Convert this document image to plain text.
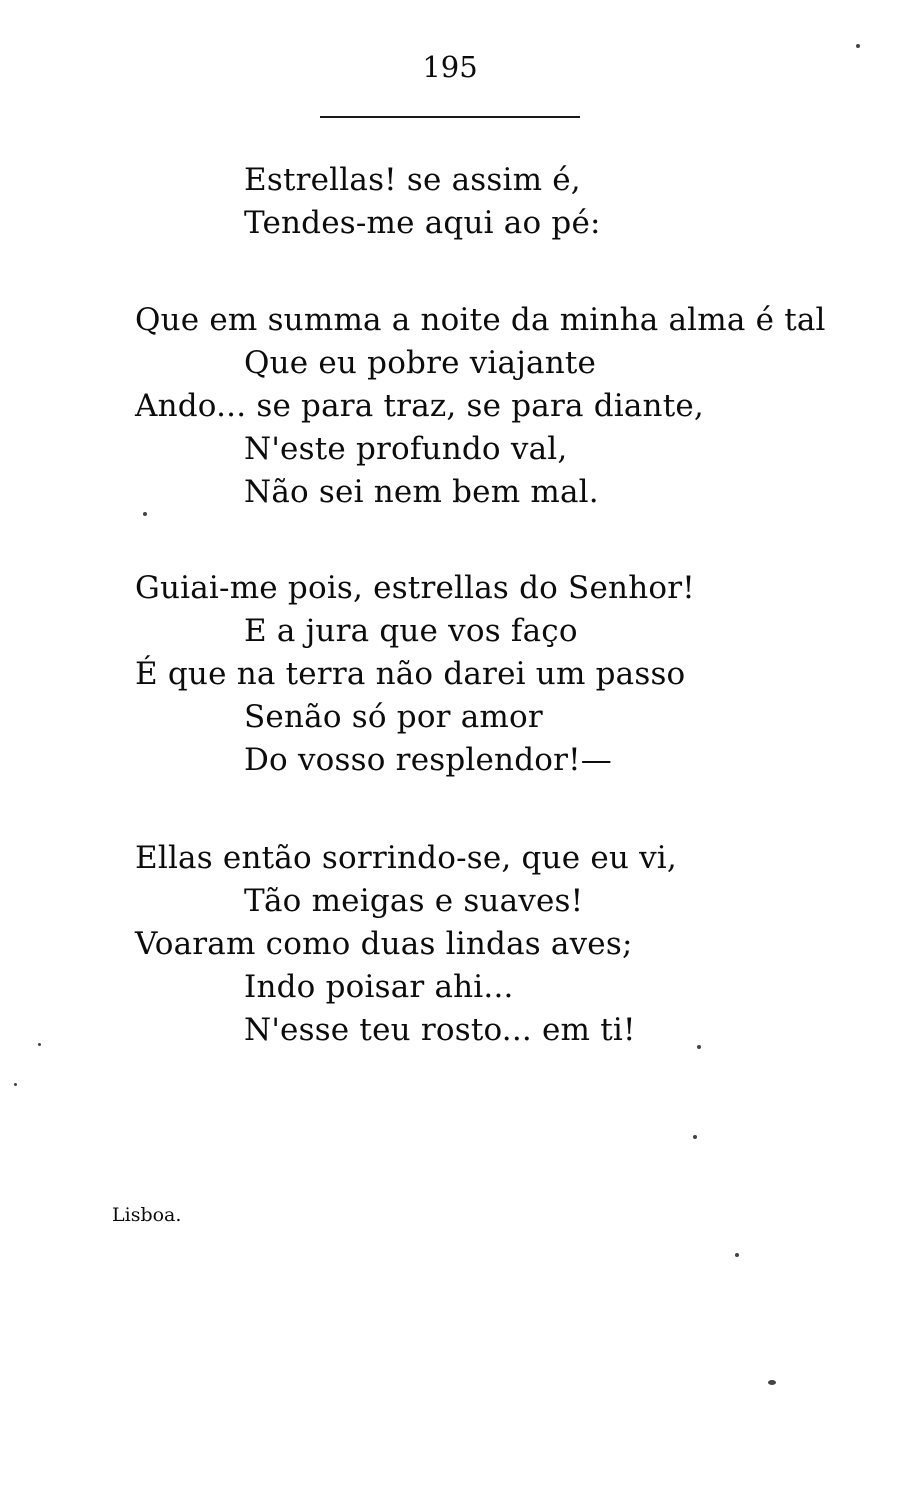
195
Estrellas! se assim é,
Tendes-me aqui ao pé:
Que em summa a noite da minha alma é tal
Que eu pobre viajante
Ando... se para traz, se para diante,
N'este profundo val,
Não sei nem bem mal.
Guiai-me pois, estrellas do Senhor!
E a jura que vos faço
É que na terra não darei um passo
Senão só por amor
Do vosso resplendor!—
Ellas então sorrindo-se, que eu vi,
Tão meigas e suaves!
Voaram como duas lindas aves;
Indo poisar ahi...
N'esse teu rosto... em ti!
Lisboa.
